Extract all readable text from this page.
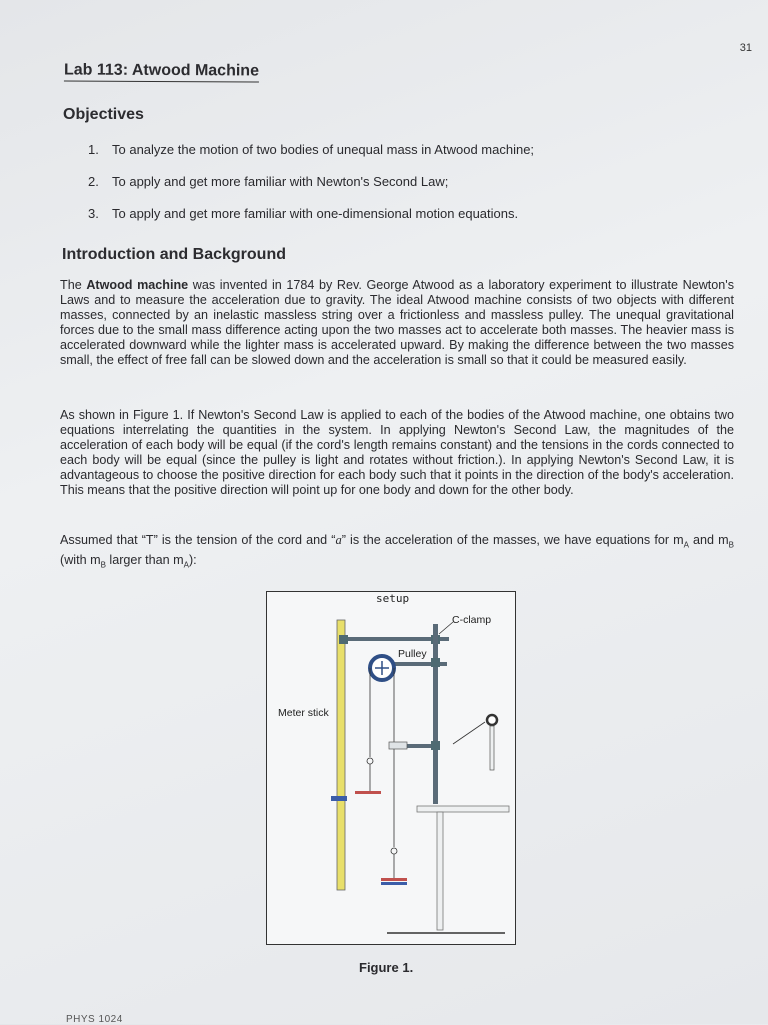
31
Lab 113: Atwood Machine
Objectives
1. To analyze the motion of two bodies of unequal mass in Atwood machine;
2. To apply and get more familiar with Newton's Second Law;
3. To apply and get more familiar with one-dimensional motion equations.
Introduction and Background
The Atwood machine was invented in 1784 by Rev. George Atwood as a laboratory experiment to illustrate Newton's Laws and to measure the acceleration due to gravity. The ideal Atwood machine consists of two objects with different masses, connected by an inelastic massless string over a frictionless and massless pulley. The unequal gravitational forces due to the small mass difference acting upon the two masses act to accelerate both masses. The heavier mass is accelerated downward while the lighter mass is accelerated upward. By making the difference between the two masses small, the effect of free fall can be slowed down and the acceleration is small so that it could be measured easily.
As shown in Figure 1. If Newton's Second Law is applied to each of the bodies of the Atwood machine, one obtains two equations interrelating the quantities in the system. In applying Newton's Second Law, the magnitudes of the acceleration of each body will be equal (if the cord's length remains constant) and the tensions in the cords connected to each body will be equal (since the pulley is light and rotates without friction.). In applying Newton's Second Law, it is advantageous to choose the positive direction for each body such that it points in the direction of the body's acceleration. This means that the positive direction will point up for one body and down for the other body.
Assumed that “T” is the tension of the cord and “a” is the acceleration of the masses, we have equations for $m_A$ and $m_B$ (with $m_B$ larger than $m_A$):
setup
C-clamp
Pulley
Meter stick
Figure 1.
PHYS 1024
